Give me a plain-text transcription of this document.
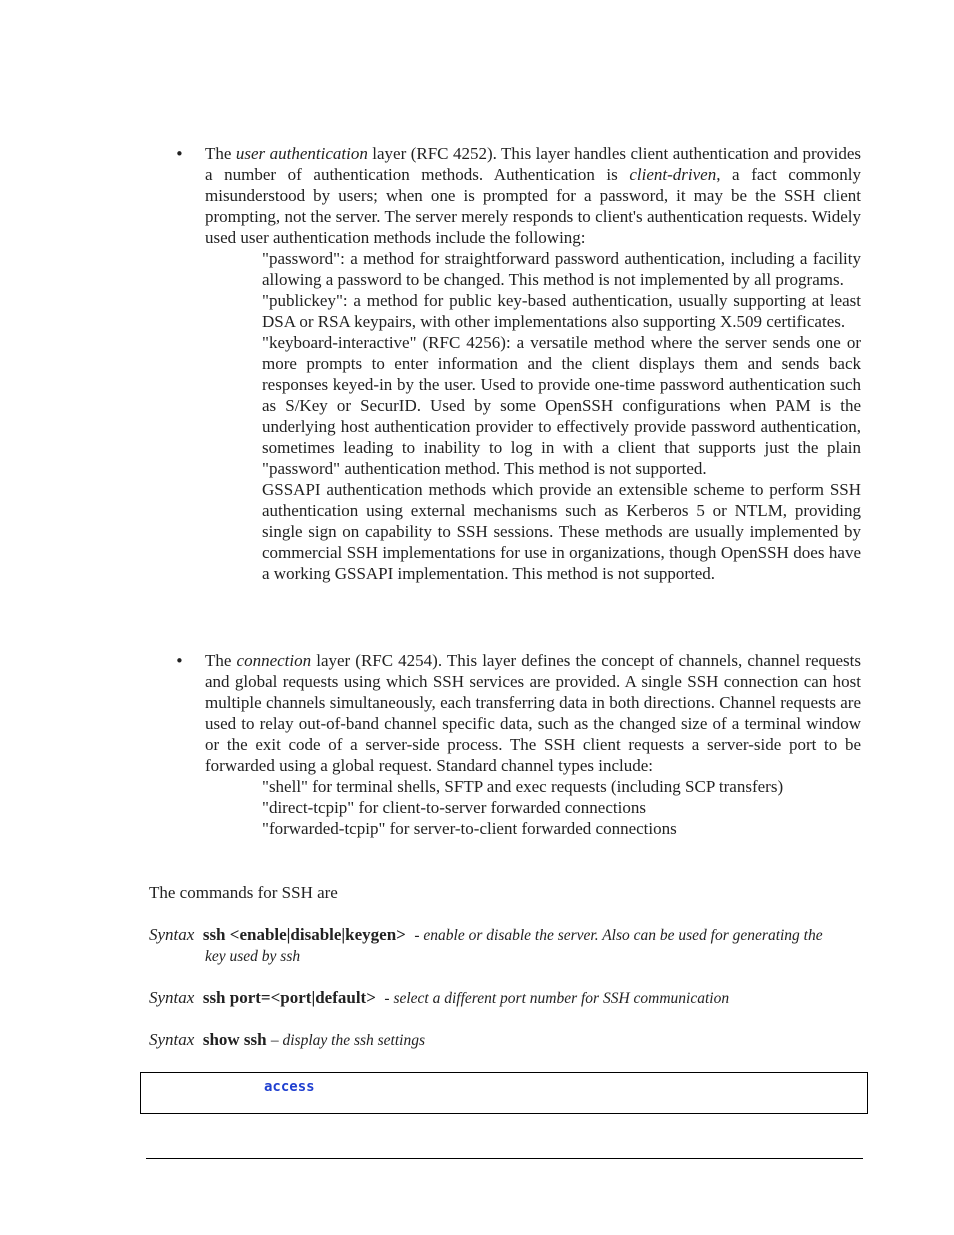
•
The user authentication layer (RFC 4252). This layer handles client authentication and provides a number of authentication methods. Authentication is client-driven, a fact commonly misunderstood by users; when one is prompted for a password, it may be the SSH client prompting, not the server. The server merely responds to client's authentication requests. Widely used user authentication methods include the following:
"password": a method for straightforward password authentication, including a facility allowing a password to be changed. This method is not implemented by all programs.
"publickey": a method for public key-based authentication, usually supporting at least DSA or RSA keypairs, with other implementations also supporting X.509 certificates.
"keyboard-interactive" (RFC 4256): a versatile method where the server sends one or more prompts to enter information and the client displays them and sends back responses keyed-in by the user. Used to provide one-time password authentication such as S/Key or SecurID. Used by some OpenSSH configurations when PAM is the underlying host authentication provider to effectively provide password authentication, sometimes leading to inability to log in with a client that supports just the plain "password" authentication method. This method is not supported.
GSSAPI authentication methods which provide an extensible scheme to perform SSH authentication using external mechanisms such as Kerberos 5 or NTLM, providing single sign on capability to SSH sessions. These methods are usually implemented by commercial SSH implementations for use in organizations, though OpenSSH does have a working GSSAPI implementation. This method is not supported.
•
The connection layer (RFC 4254). This layer defines the concept of channels, channel requests and global requests using which SSH services are provided. A single SSH connection can host multiple channels simultaneously, each transferring data in both directions. Channel requests are used to relay out-of-band channel specific data, such as the changed size of a terminal window or the exit code of a server-side process. The SSH client requests a server-side port to be forwarded using a global request. Standard channel types include:
"shell" for terminal shells, SFTP and exec requests (including SCP transfers)
"direct-tcpip" for client-to-server forwarded connections
"forwarded-tcpip" for server-to-client forwarded connections
The commands for SSH are
Syntax ssh <enable|disable|keygen> - enable or disable the server. Also can be used for generating the
key used by ssh
Syntax ssh port=<port|default> - select a different port number for SSH communication
Syntax show ssh – display the ssh settings
access
